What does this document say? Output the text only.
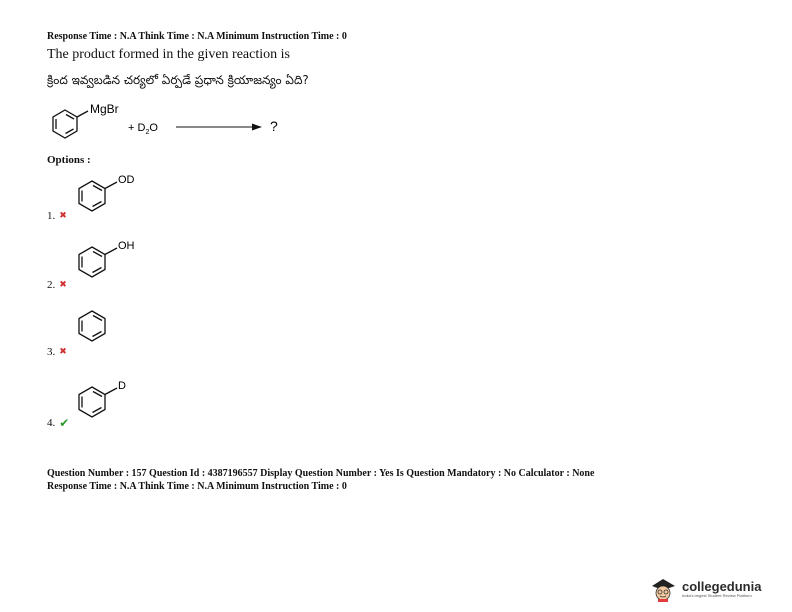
Response Time : N.A Think Time : N.A Minimum Instruction Time : 0
The product formed in the given reaction is
క్రింద ఇవ్వబడిన చర్యలో ఏర్పడే ప్రధాన క్రియాజన్యం ఏది?
MgBr
+ $D_2O$	?
Options :
OD
1. ✖
OH
2. ✖
3. ✖
D
4. ✔
Question Number : 157 Question Id : 4387196557 Display Question Number : Yes Is Question Mandatory : No Calculator : None
Response Time : N.A Think Time : N.A Minimum Instruction Time : 0
collegedunia
India's largest Student Review Platform
